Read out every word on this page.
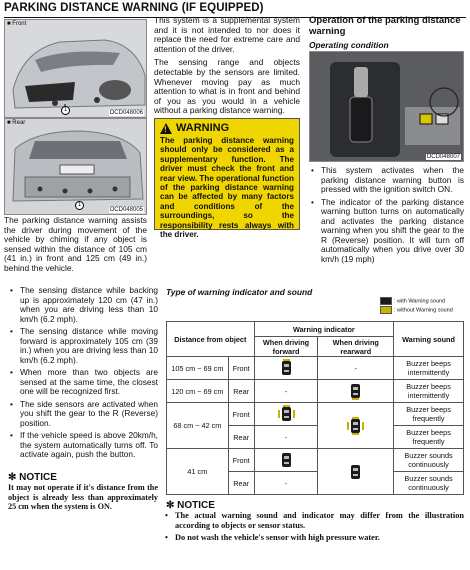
PARKING DISTANCE WARNING (IF EQUIPPED)
■ Front
OCD048006
1
■ Rear
OCD048005
1
The parking distance warning assists the driver during movement of the vehicle by chiming if any object is sensed within the distance of 105 cm (41 in.) in front and 125 cm (49 in.) behind the vehicle.

This system is a supplemental system and it is not intended to nor does it replace the need for extreme care and attention of the driver.

The sensing range and objects detectable by the sensors are limited. Whenever moving pay as much attention to what is in front and behind of you as you would in a vehicle without a parking distance warning.

! WARNING
The parking distance warning should only be considered as a supplementary function. The driver must check the front and rear view. The operational function of the parking distance warning can be affected by many factors and conditions of the surroundings, so the responsibility rests always with the driver.
Operation of the parking distance warning
Operating condition
OCD048007
• This system activates when the parking distance warning button is pressed with the ignition switch ON.
• The indicator of the parking distance warning button turns on automatically and activates the parking distance warning when you shift the gear to the R (Reverse) position. It will turn off automatically when you drive over 30 km/h (19 mph)
• The sensing distance while backing up is approximately 120 cm (47 in.) when you are driving less than 10 km/h (6.2 mph).
• The sensing distance while moving forward is approximately 105 cm (39 in.) when you are driving less than 10 km/h (6.2 mph).
• When more than two objects are sensed at the same time, the closest one will be recognized first.
• The side sensors are activated when you shift the gear to the R (Reverse) position.
• If the vehicle speed is above 20km/h, the system automatically turns off. To activate again, push the button.
✻ NOTICE
It may not operate if it's distance from the object is already less than approximately 25 cm when the system is ON.
Type of warning indicator and sound
: with Warning sound
: without Warning sound
Distance from object		Warning indicator		Warning sound
		When driving forward	When driving rearward	
105 cm ~ 69 cm	Front		-	Buzzer beeps intermittently
120 cm ~ 69 cm	Rear	-		Buzzer beeps intermittently
68 cm ~ 42 cm	Front			Buzzer beeps frequently
	Rear	-		Buzzer beeps frequently
41 cm	Front			Buzzer sounds continuously
	Rear	-		Buzzer sounds continuously
✻ NOTICE
• The actual warning sound and indicator may differ from the illustration according to objects or sensor status.
• Do not wash the vehicle's sensor with high pressure water.
